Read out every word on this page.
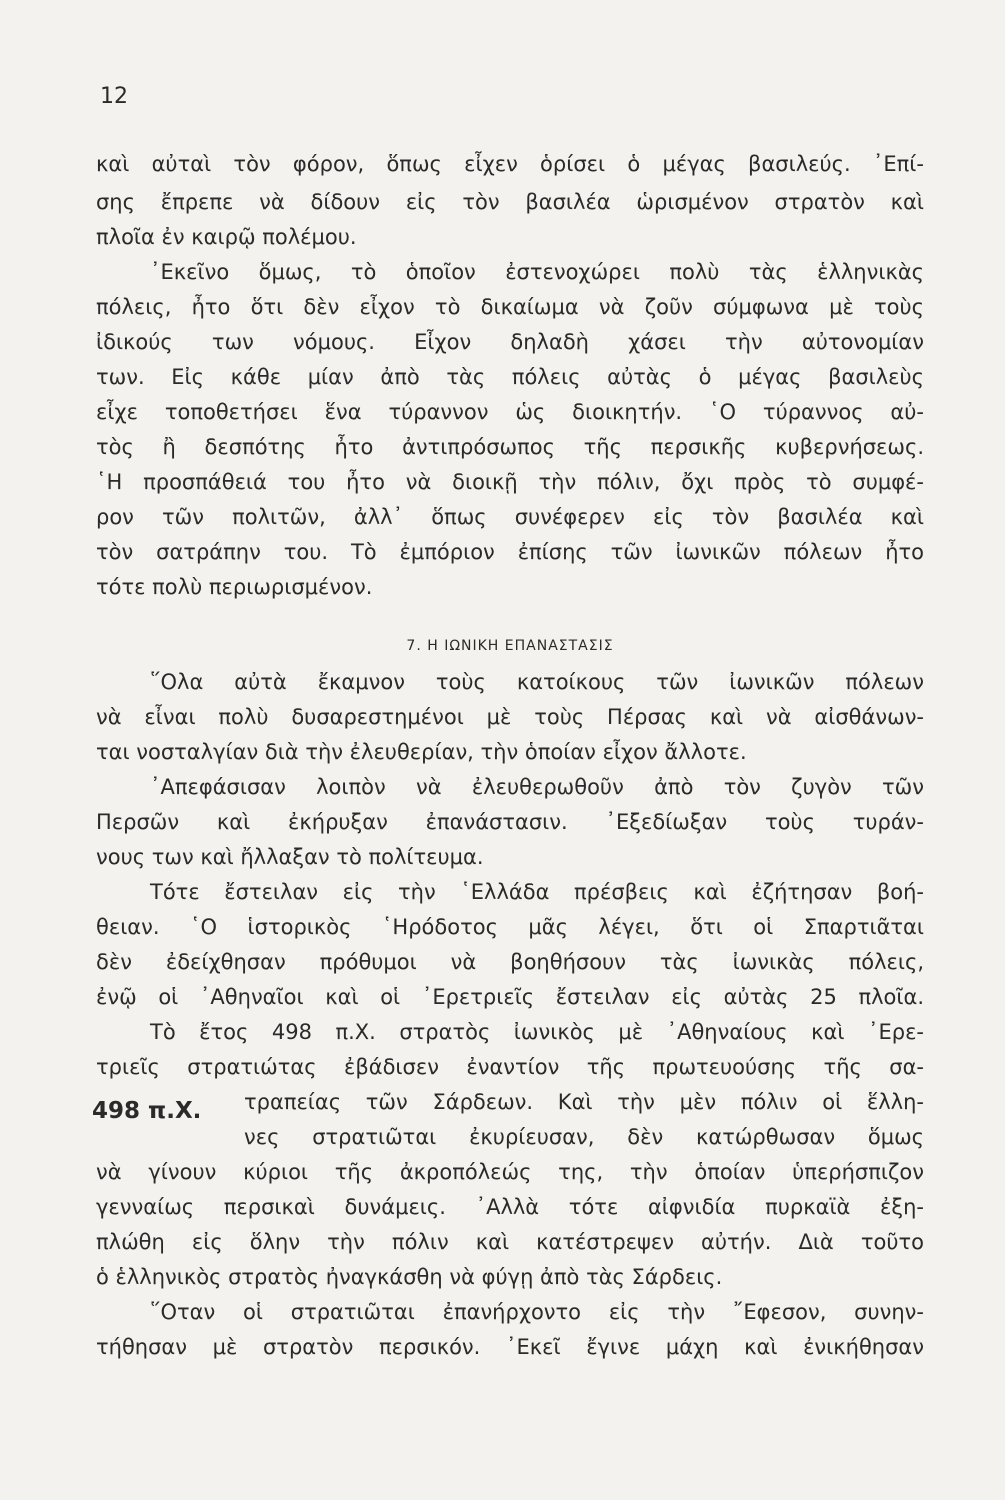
12
καὶ αὐταὶ τὸν φόρον, ὅπως εἶχεν ὁρίσει ὁ μέγας βασιλεύς. ᾿Επί-
σης ἔπρεπε νὰ δίδουν εἰς τὸν βασιλέα ὡρισμένον στρατὸν καὶ
πλοῖα ἐν καιρῷ πολέμου.
᾿Εκεῖνο ὅμως, τὸ ὁποῖον ἐστενοχώρει πολὺ τὰς ἑλληνικὰς
πόλεις, ἦτο ὅτι δὲν εἶχον τὸ δικαίωμα νὰ ζοῦν σύμφωνα μὲ τοὺς
ἰδικούς των νόμους. Εἶχον δηλαδὴ χάσει τὴν αὐτονομίαν
των. Εἰς κάθε μίαν ἀπὸ τὰς πόλεις αὐτὰς ὁ μέγας βασιλεὺς
εἶχε τοποθετήσει ἕνα τύραννον ὡς διοικητήν. ῾Ο τύραννος αὐ-
τὸς ἢ δεσπότης ἦτο ἀντιπρόσωπος τῆς περσικῆς κυβερνήσεως.
῾Η προσπάθειά του ἦτο νὰ διοικῇ τὴν πόλιν, ὄχι πρὸς τὸ συμφέ-
ρον τῶν πολιτῶν, ἀλλ᾿ ὅπως συνέφερεν εἰς τὸν βασιλέα καὶ
τὸν σατράπην του. Τὸ ἐμπόριον ἐπίσης τῶν ἰωνικῶν πόλεων ἦτο
τότε πολὺ περιωρισμένον.
7. Η ΙΩΝΙΚΗ ΕΠΑΝΑΣΤΑΣΙΣ
῞Ολα αὐτὰ ἔκαμνον τοὺς κατοίκους τῶν ἰωνικῶν πόλεων
νὰ εἶναι πολὺ δυσαρεστημένοι μὲ τοὺς Πέρσας καὶ νὰ αἰσθάνων-
ται νοσταλγίαν διὰ τὴν ἐλευθερίαν, τὴν ὁποίαν εἶχον ἄλλοτε.
᾿Απεφάσισαν λοιπὸν νὰ ἐλευθερωθοῦν ἀπὸ τὸν ζυγὸν τῶν
Περσῶν καὶ ἐκήρυξαν ἐπανάστασιν. ᾿Εξεδίωξαν τοὺς τυράν-
νους των καὶ ἤλλαξαν τὸ πολίτευμα.
Τότε ἔστειλαν εἰς τὴν ῾Ελλάδα πρέσβεις καὶ ἐζήτησαν βοή-
θειαν. ῾Ο ἱστορικὸς ῾Ηρόδοτος μᾶς λέγει, ὅτι οἱ Σπαρτιᾶται
δὲν ἐδείχθησαν πρόθυμοι νὰ βοηθήσουν τὰς ἰωνικὰς πόλεις,
ἐνῷ οἱ ᾿Αθηναῖοι καὶ οἱ ᾿Ερετριεῖς ἔστειλαν εἰς αὐτὰς 25 πλοῖα.
Τὸ ἔτος 498 π.Χ. στρατὸς ἰωνικὸς μὲ ᾿Αθηναίους καὶ ᾿Ερε-
τριεῖς στρατιώτας ἐβάδισεν ἐναντίον τῆς πρωτευούσης τῆς σα-
498 π.Χ. τραπείας τῶν Σάρδεων. Καὶ τὴν μὲν πόλιν οἱ ἕλλη-
νες στρατιῶται ἐκυρίευσαν, δὲν κατώρθωσαν ὅμως
νὰ γίνουν κύριοι τῆς ἀκροπόλεώς της, τὴν ὁποίαν ὑπερήσπιζον
γενναίως περσικαὶ δυνάμεις. ᾿Αλλὰ τότε αἰφνιδία πυρκαϊὰ ἐξη-
πλώθη εἰς ὅλην τὴν πόλιν καὶ κατέστρεψεν αὐτήν. Διὰ τοῦτο
ὁ ἑλληνικὸς στρατὸς ἠναγκάσθη νὰ φύγῃ ἀπὸ τὰς Σάρδεις.
῞Οταν οἱ στρατιῶται ἐπανήρχοντο εἰς τὴν ῎Εφεσον, συνην-
τήθησαν μὲ στρατὸν περσικόν. ᾿Εκεῖ ἔγινε μάχη καὶ ἐνικήθησαν
